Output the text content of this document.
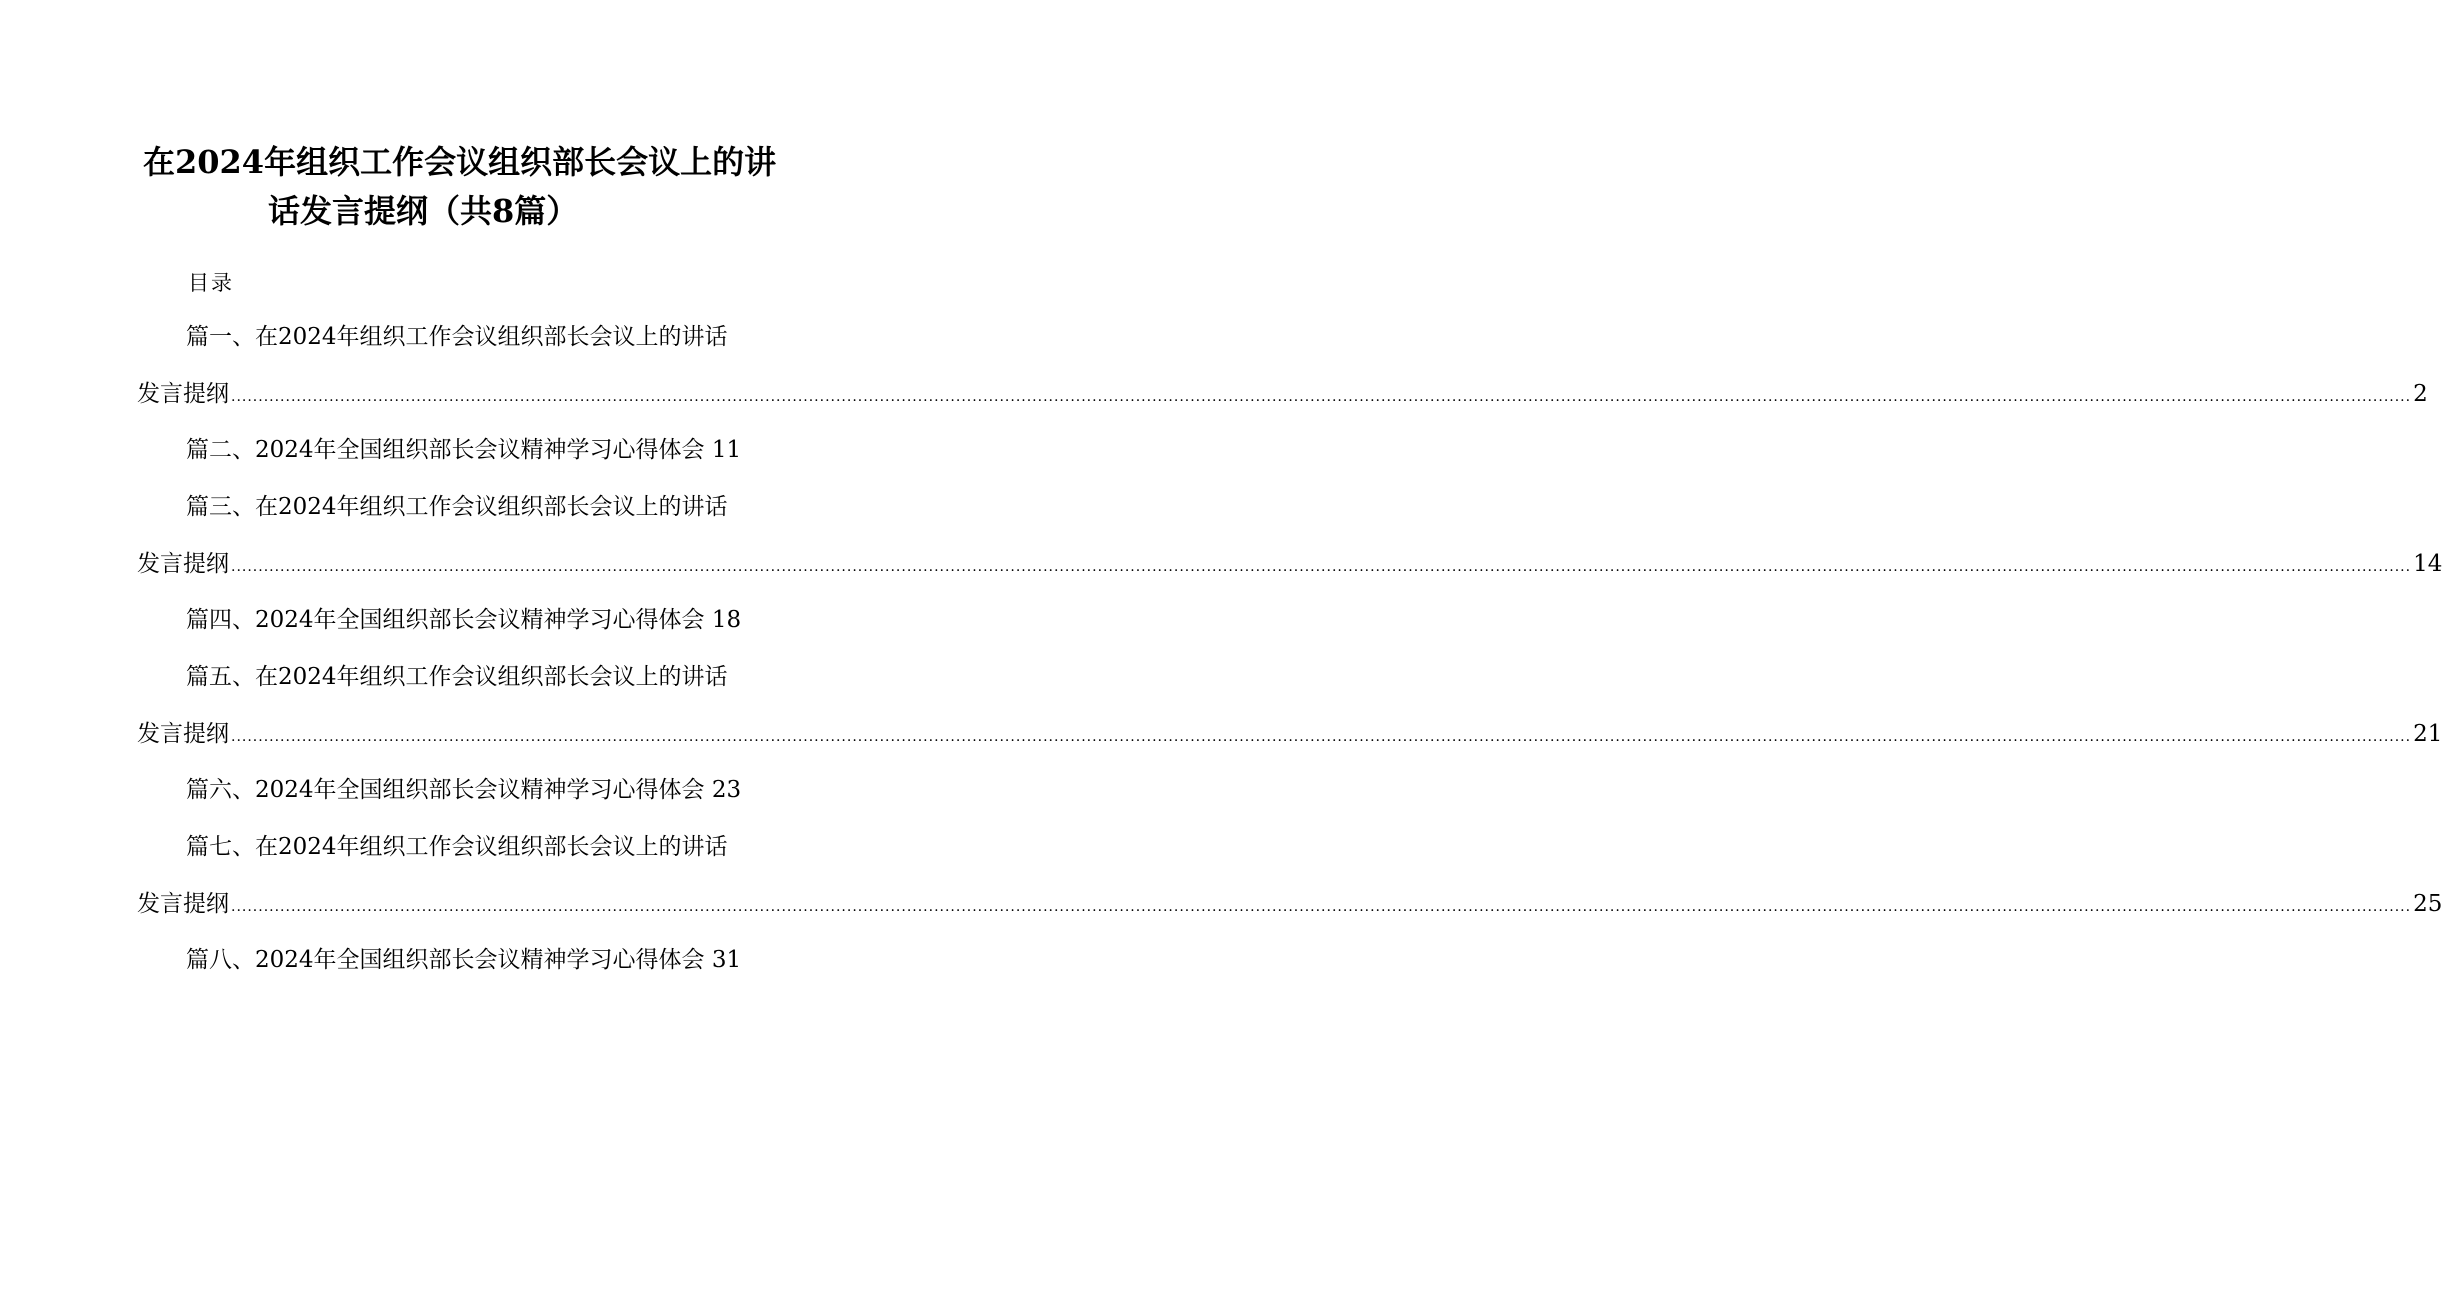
在2024年组织工作会议组织部长会议上的讲
话发言提纲（共8篇）
目录
篇一、在2024年组织工作会议组织部长会议上的讲话
发言提纲 ................................................................................................................................................................................................................................................................................................................................................................................................................ 2
篇二、2024年全国组织部长会议精神学习心得体会 11
篇三、在2024年组织工作会议组织部长会议上的讲话
发言提纲 ................................................................................................................................................................................................................................................................................................................................................................................................................ 14
篇四、2024年全国组织部长会议精神学习心得体会 18
篇五、在2024年组织工作会议组织部长会议上的讲话
发言提纲 ................................................................................................................................................................................................................................................................................................................................................................................................................ 21
篇六、2024年全国组织部长会议精神学习心得体会 23
篇七、在2024年组织工作会议组织部长会议上的讲话
发言提纲 ................................................................................................................................................................................................................................................................................................................................................................................................................ 25
篇八、2024年全国组织部长会议精神学习心得体会 31
